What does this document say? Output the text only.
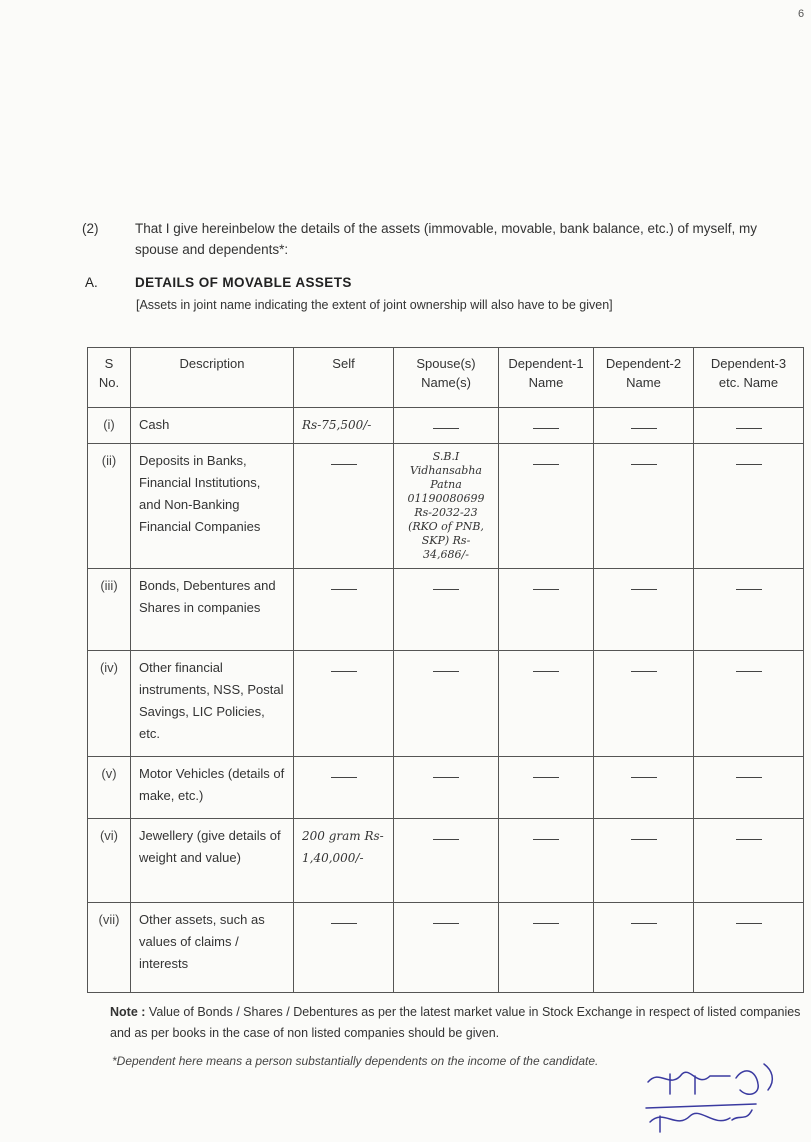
6
(2)	That I give hereinbelow the details of the assets (immovable, movable, bank balance, etc.) of myself, my spouse and dependents*:
A.	DETAILS OF MOVABLE ASSETS
[Assets in joint name indicating the extent of joint ownership will also have to be given]
S No.	Description	Self	Spouse(s) Name(s)	Dependent-1 Name	Dependent-2 Name	Dependent-3 etc. Name
(i)	Cash	Rs-75,500/-				
(ii)	Deposits in Banks, Financial Institutions, and Non-Banking Financial Companies		S.B.I Vidhansabha Patna 01190080699 Rs-2032-23 (RKO of PNB, SKP) Rs-34,686/-			

(iii)	Bonds, Debentures and Shares in companies					
(iv)	Other financial instruments, NSS, Postal Savings, LIC Policies, etc.					
(v)	Motor Vehicles (details of make, etc.)					
(vi)	Jewellery (give details of weight and value)	200 gram Rs-1,40,000/-				
(vii)	Other assets, such as values of claims / interests					
Note : Value of Bonds / Shares / Debentures as per the latest market value in Stock Exchange in respect of listed companies and as per books in the case of non listed companies should be given.
*Dependent here means a person substantially dependents on the income of the candidate.
